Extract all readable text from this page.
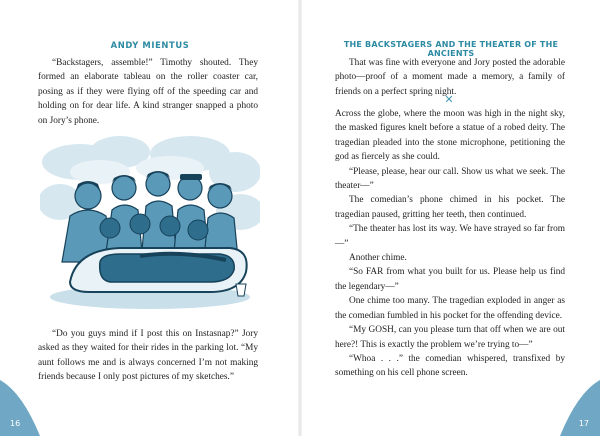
ANDY MIENTUS

“Backstagers, assemble!” Timothy shouted. They formed an elaborate tableau on the roller coaster car, posing as if they were flying off of the speeding car and holding on for dear life. A kind stranger snapped a photo on Jory’s phone.

“Do you guys mind if I post this on Instasnap?” Jory asked as they waited for their rides in the parking lot. “My aunt follows me and is always concerned I’m not making friends because I only post pictures of my sketches.”

16
THE BACKSTAGERS AND THE THEATER OF THE ANCIENTS

That was fine with everyone and Jory posted the adorable photo—proof of a moment made a memory, a family of friends on a perfect spring night.

✕

Across the globe, where the moon was high in the night sky, the masked figures knelt before a statue of a robed deity. The tragedian pleaded into the stone microphone, petitioning the god as fiercely as she could.

“Please, please, hear our call. Show us what we seek. The theater—”

The comedian’s phone chimed in his pocket. The tragedian paused, gritting her teeth, then continued.

“The theater has lost its way. We have strayed so far from—”

Another chime.

“So FAR from what you built for us. Please help us find the legendary—”

One chime too many. The tragedian exploded in anger as the comedian fumbled in his pocket for the offending device.

“My GOSH, can you please turn that off when we are out here?! This is exactly the problem we’re trying to—”

“Whoa . . .” the comedian whispered, transfixed by something on his cell phone screen.

17
